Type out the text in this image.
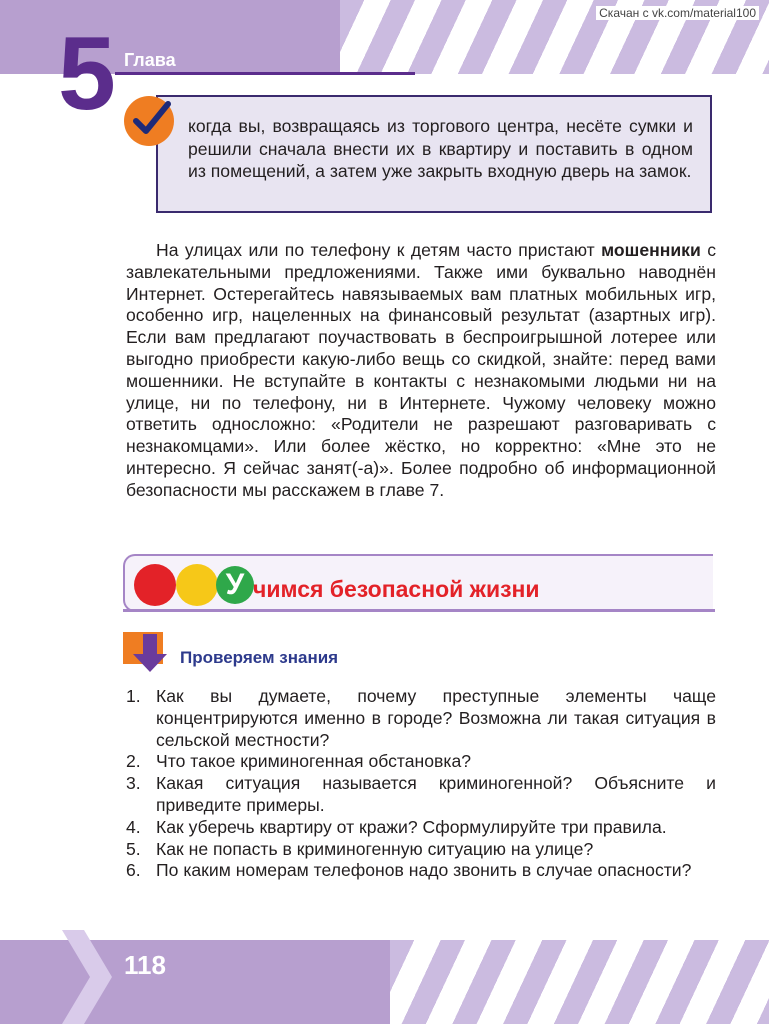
Скачан с vk.com/material100
5 Глава
когда вы, возвращаясь из торгового центра, несёте сумки и решили сначала внести их в квартиру и поставить в одном из помещений, а затем уже закрыть входную дверь на замок.
На улицах или по телефону к детям часто пристают мошенники с завлекательными предложениями. Также ими буквально наводнён Интернет. Остерегайтесь навязываемых вам платных мобильных игр, особенно игр, нацеленных на финансовый результат (азартных игр). Если вам предлагают поучаствовать в беспроигрышной лотерее или выгодно приобрести какую-либо вещь со скидкой, знайте: перед вами мошенники. Не вступайте в контакты с незнакомыми людьми ни на улице, ни по телефону, ни в Интернете. Чужому человеку можно ответить односложно: «Родители не разрешают разговаривать с незнакомцами». Или более жёстко, но корректно: «Мне это не интересно. Я сейчас занят(-а)». Более подробно об информационной безопасности мы расскажем в главе 7.
У чимся безопасной жизни
Проверяем знания
1. Как вы думаете, почему преступные элементы чаще концентрируются именно в городе? Возможна ли такая ситуация в сельской местности?
2. Что такое криминогенная обстановка?
3. Какая ситуация называется криминогенной? Объясните и приведите примеры.
4. Как уберечь квартиру от кражи? Сформулируйте три правила.
5. Как не попасть в криминогенную ситуацию на улице?
6. По каким номерам телефонов надо звонить в случае опасности?
118
